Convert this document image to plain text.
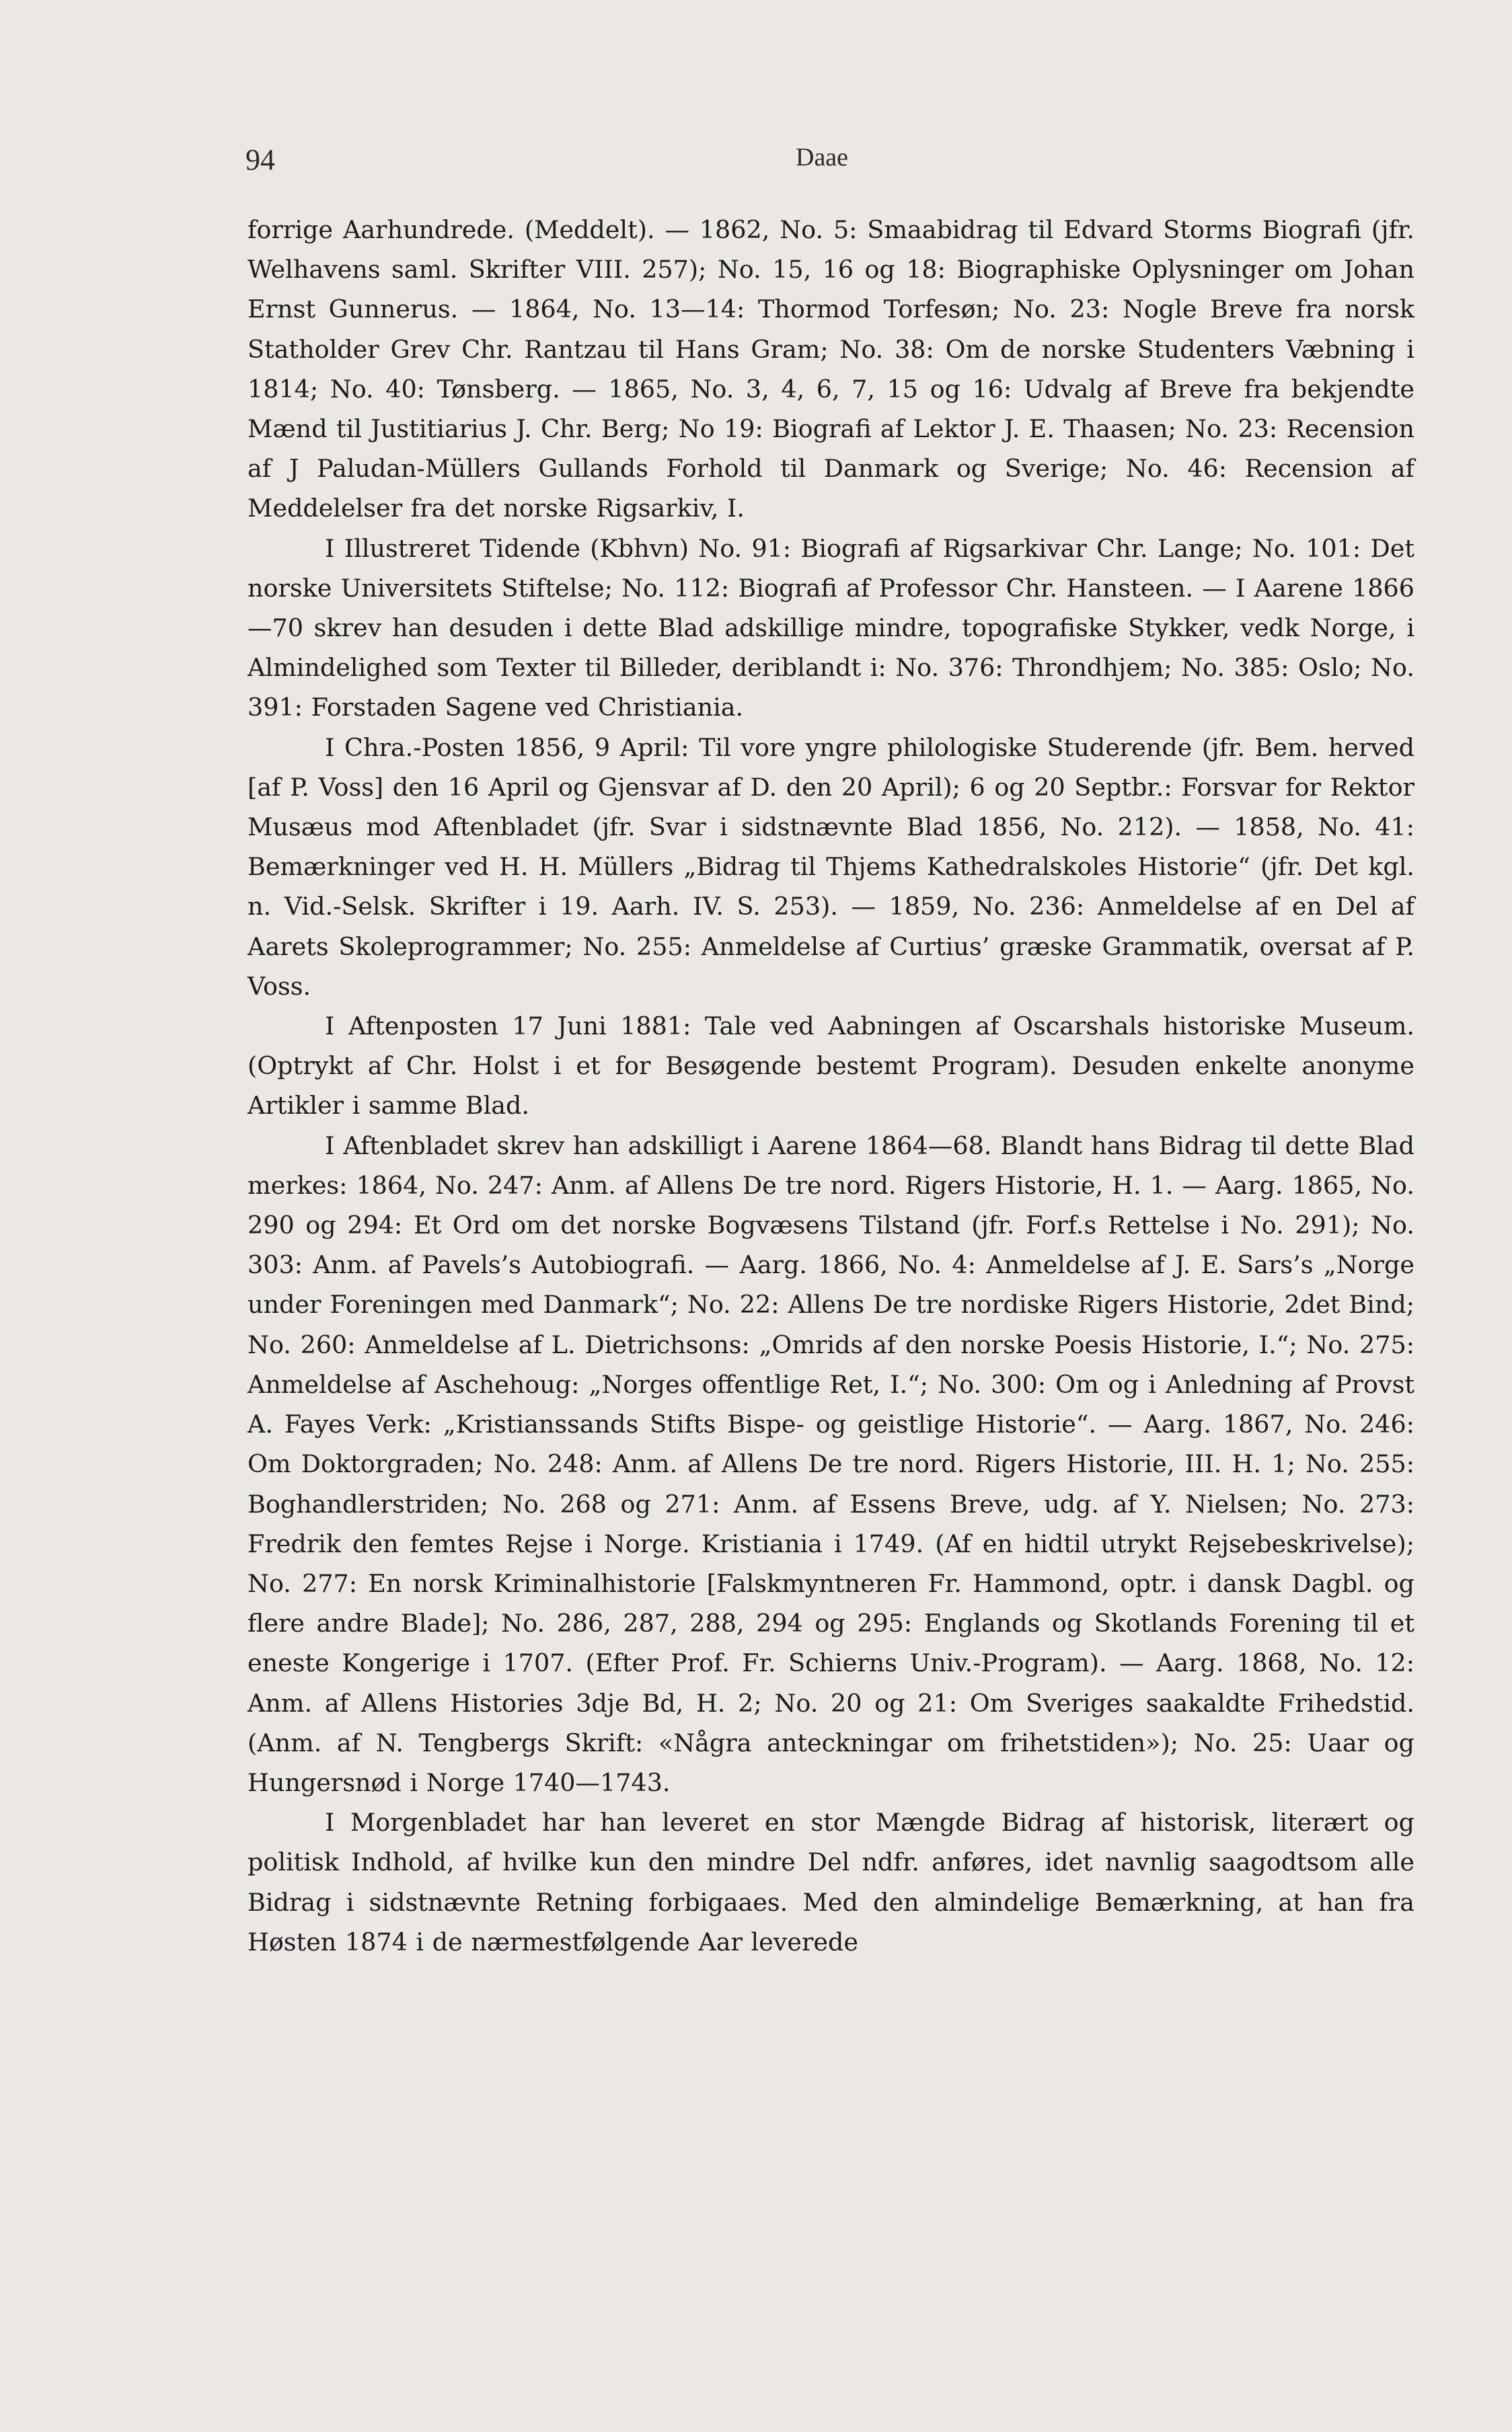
94	Daae

forrige Aarhundrede. (Meddelt). — 1862, No. 5: Smaabidrag til Edvard Storms Biografi (jfr. Welhavens saml. Skrifter VIII. 257); No. 15, 16 og 18: Biographiske Oplysninger om Johan Ernst Gunnerus. — 1864, No. 13—14: Thormod Torfesøn; No. 23: Nogle Breve fra norsk Statholder Grev Chr. Rantzau til Hans Gram; No. 38: Om de norske Studenters Væbning i 1814; No. 40: Tønsberg. — 1865, No. 3, 4, 6, 7, 15 og 16: Udvalg af Breve fra bekjendte Mænd til Justitiarius J. Chr. Berg; No 19: Biografi af Lektor J. E. Thaasen; No. 23: Recension af J Paludan-Müllers Gullands Forhold til Danmark og Sverige; No. 46: Recension af Meddelelser fra det norske Rigsarkiv, I.

I Illustreret Tidende (Kbhvn) No. 91: Biografi af Rigsarkivar Chr. Lange; No. 101: Det norske Universitets Stiftelse; No. 112: Biografi af Professor Chr. Hansteen. — I Aarene 1866—70 skrev han desuden i dette Blad adskillige mindre, topografiske Stykker, vedk Norge, i Almindelighed som Texter til Billeder, deriblandt i: No. 376: Throndhjem; No. 385: Oslo; No. 391: Forstaden Sagene ved Christiania.

I Chra.-Posten 1856, 9 April: Til vore yngre philologiske Studerende (jfr. Bem. herved [af P. Voss] den 16 April og Gjensvar af D. den 20 April); 6 og 20 Septbr.: Forsvar for Rektor Musæus mod Aftenbladet (jfr. Svar i sidstnævnte Blad 1856, No. 212). — 1858, No. 41: Bemærkninger ved H. H. Müllers „Bidrag til Thjems Kathedralskoles Historie“ (jfr. Det kgl. n. Vid.-Selsk. Skrifter i 19. Aarh. IV. S. 253). — 1859, No. 236: Anmeldelse af en Del af Aarets Skoleprogrammer; No. 255: Anmeldelse af Curtius’ græske Grammatik, oversat af P. Voss.

I Aftenposten 17 Juni 1881: Tale ved Aabningen af Oscarshals historiske Museum. (Optrykt af Chr. Holst i et for Besøgende bestemt Program). Desuden enkelte anonyme Artikler i samme Blad.

I Aftenbladet skrev han adskilligt i Aarene 1864—68. Blandt hans Bidrag til dette Blad merkes: 1864, No. 247: Anm. af Allens De tre nord. Rigers Historie, H. 1. — Aarg. 1865, No. 290 og 294: Et Ord om det norske Bogvæsens Tilstand (jfr. Forf.s Rettelse i No. 291); No. 303: Anm. af Pavels’s Autobiografi. — Aarg. 1866, No. 4: Anmeldelse af J. E. Sars’s „Norge under Foreningen med Danmark“; No. 22: Allens De tre nordiske Rigers Historie, 2det Bind; No. 260: Anmeldelse af L. Dietrichsons: „Omrids af den norske Poesis Historie, I.“; No. 275: Anmeldelse af Aschehoug: „Norges offentlige Ret, I.“; No. 300: Om og i Anledning af Provst A. Fayes Verk: „Kristianssands Stifts Bispe- og geistlige Historie“. — Aarg. 1867, No. 246: Om Doktorgraden; No. 248: Anm. af Allens De tre nord. Rigers Historie, III. H. 1; No. 255: Boghandlerstriden; No. 268 og 271: Anm. af Essens Breve, udg. af Y. Nielsen; No. 273: Fredrik den femtes Rejse i Norge. Kristiania i 1749. (Af en hidtil utrykt Rejsebeskrivelse); No. 277: En norsk Kriminalhistorie [Falskmyntneren Fr. Hammond, optr. i dansk Dagbl. og flere andre Blade]; No. 286, 287, 288, 294 og 295: Englands og Skotlands Forening til et eneste Kongerige i 1707. (Efter Prof. Fr. Schierns Univ.-Program). — Aarg. 1868, No. 12: Anm. af Allens Histories 3dje Bd, H. 2; No. 20 og 21: Om Sveriges saakaldte Frihedstid. (Anm. af N. Tengbergs Skrift: «Några anteckningar om frihetstiden»); No. 25: Uaar og Hungersnød i Norge 1740—1743.

I Morgenbladet har han leveret en stor Mængde Bidrag af historisk, literært og politisk Indhold, af hvilke kun den mindre Del ndfr. anføres, idet navnlig saagodtsom alle Bidrag i sidstnævnte Retning forbigaaes. Med den almindelige Bemærkning, at han fra Høsten 1874 i de nærmestfølgende Aar leverede
